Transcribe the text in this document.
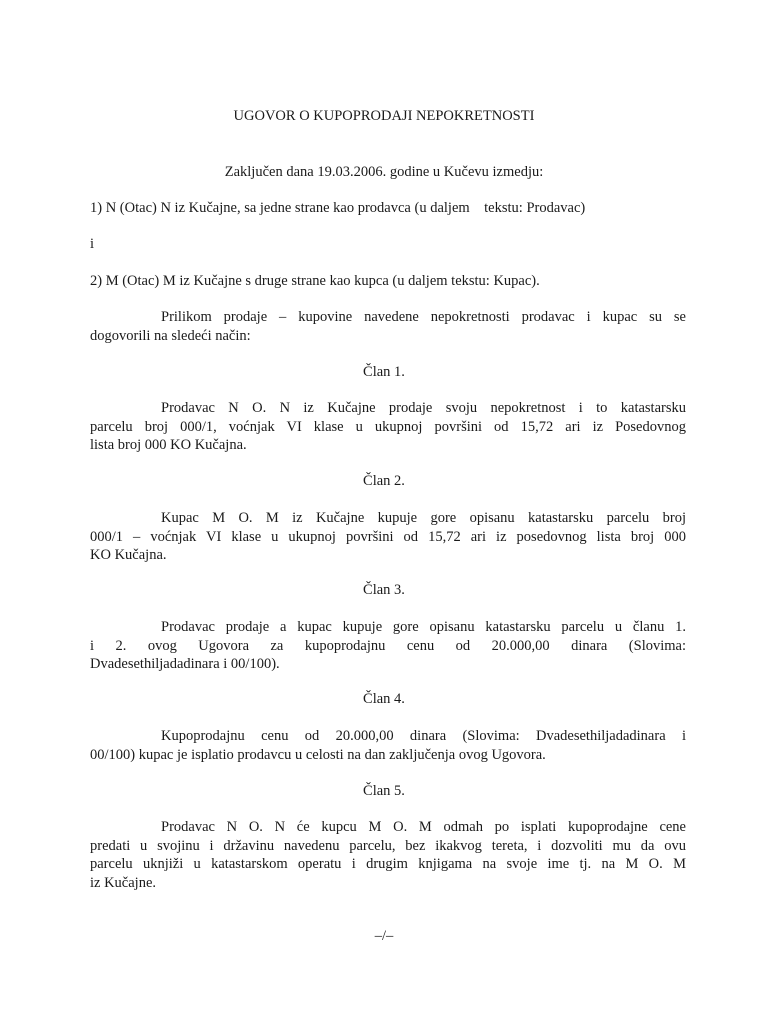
UGOVOR O KUPOPRODAJI NEPOKRETNOSTI

Zaključen dana 19.03.2006. godine u Kučevu izmedju:

1) N (Otac) N iz Kučajne, sa jedne strane kao prodavca (u daljem    tekstu: Prodavac)

i

2) M (Otac) M iz Kučajne s druge strane kao kupca (u daljem tekstu: Kupac).

Prilikom prodaje – kupovine navedene nepokretnosti prodavac i kupac su se
dogovorili na sledeći način:

Član 1.

Prodavac N O. N iz Kučajne prodaje svoju nepokretnost i to katastarsku
parcelu broj 000/1, voćnjak VI klase u ukupnoj površini od 15,72 ari iz Posedovnog
lista broj 000 KO Kučajna.

Član 2.

Kupac M O. M iz Kučajne kupuje gore opisanu katastarsku parcelu broj
000/1 – voćnjak VI klase u ukupnoj površini od 15,72 ari iz posedovnog lista broj 000
KO Kučajna.

Član 3.

Prodavac prodaje a kupac kupuje gore opisanu katastarsku parcelu u članu 1.
i 2. ovog Ugovora za kupoprodajnu cenu od 20.000,00 dinara (Slovima:
Dvadesethiljadadinara i 00/100).

Član 4.

Kupoprodajnu cenu od 20.000,00 dinara (Slovima: Dvadesethiljadadinara i
00/100) kupac je isplatio prodavcu u celosti na dan zaključenja ovog Ugovora.

Član 5.

Prodavac N O. N će kupcu M O. M odmah po isplati kupoprodajne cene
predati u svojinu i državinu navedenu parcelu, bez ikakvog tereta, i dozvoliti mu da ovu
parcelu uknjiži u katastarskom operatu i drugim knjigama na svoje ime tj. na M O. M
iz Kučajne.

–/–
